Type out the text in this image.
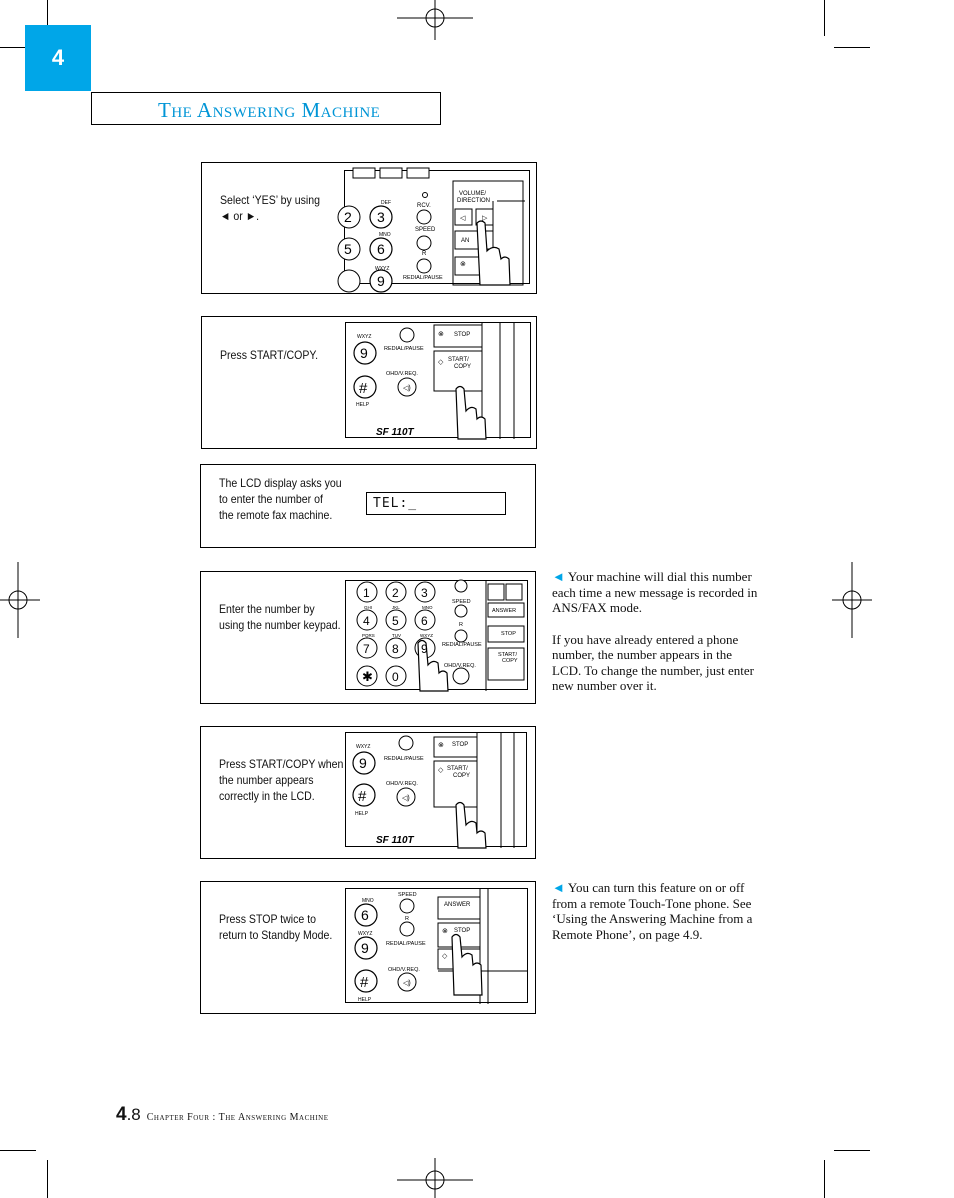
4
The Answering Machine
Select ‘YES’ by using
◄ or ►.	◁ ▷
⊗
3
6
9
2
5
DEF
MNO
WXYZ
RCV.
SPEED
R
REDIAL/PAUSE
VOLUME/
DIRECTION
AN
Press START/COPY.	9
#
⊗
◇
◁)
WXYZ
REDIAL/PAUSE
OHD/V.REQ.
HELP
STOP
START/
COPY
SF 110T
The LCD display asks you
to enter the number of
the remote fax machine.
TEL:_
Enter the number by
using the number keypad.
1 2 3
4 5 6
7 8 9
✱ 0
GHI	JKL	MNO
PQRS	TUV	WXYZ
SPEED
R
REDIAL/PAUSE
OHD/V.REQ.
ANSWER
STOP
START/
COPY
Press START/COPY when
the number appears
correctly in the LCD.
9
#
⊗
◇
◁)
WXYZ
REDIAL/PAUSE
OHD/V.REQ.
HELP
STOP
START/
COPY
SF 110T
Press STOP twice to
return to Standby Mode.
6
9
#
⊗
◇
◁)
MNO
WXYZ
SPEED
R
REDIAL/PAUSE
OHD/V.REQ.
HELP
ANSWER
STOP
◄ Your machine will dial this number
each time a new message is recorded in
ANS/FAX mode.
If you have already entered a phone
number, the number appears in the
LCD. To change the number, just enter
new number over it.
◄ You can turn this feature on or off
from a remote Touch-Tone phone. See
‘Using the Answering Machine from a
Remote Phone’, on page 4.9.
4.8 Chapter Four : The Answering Machine
